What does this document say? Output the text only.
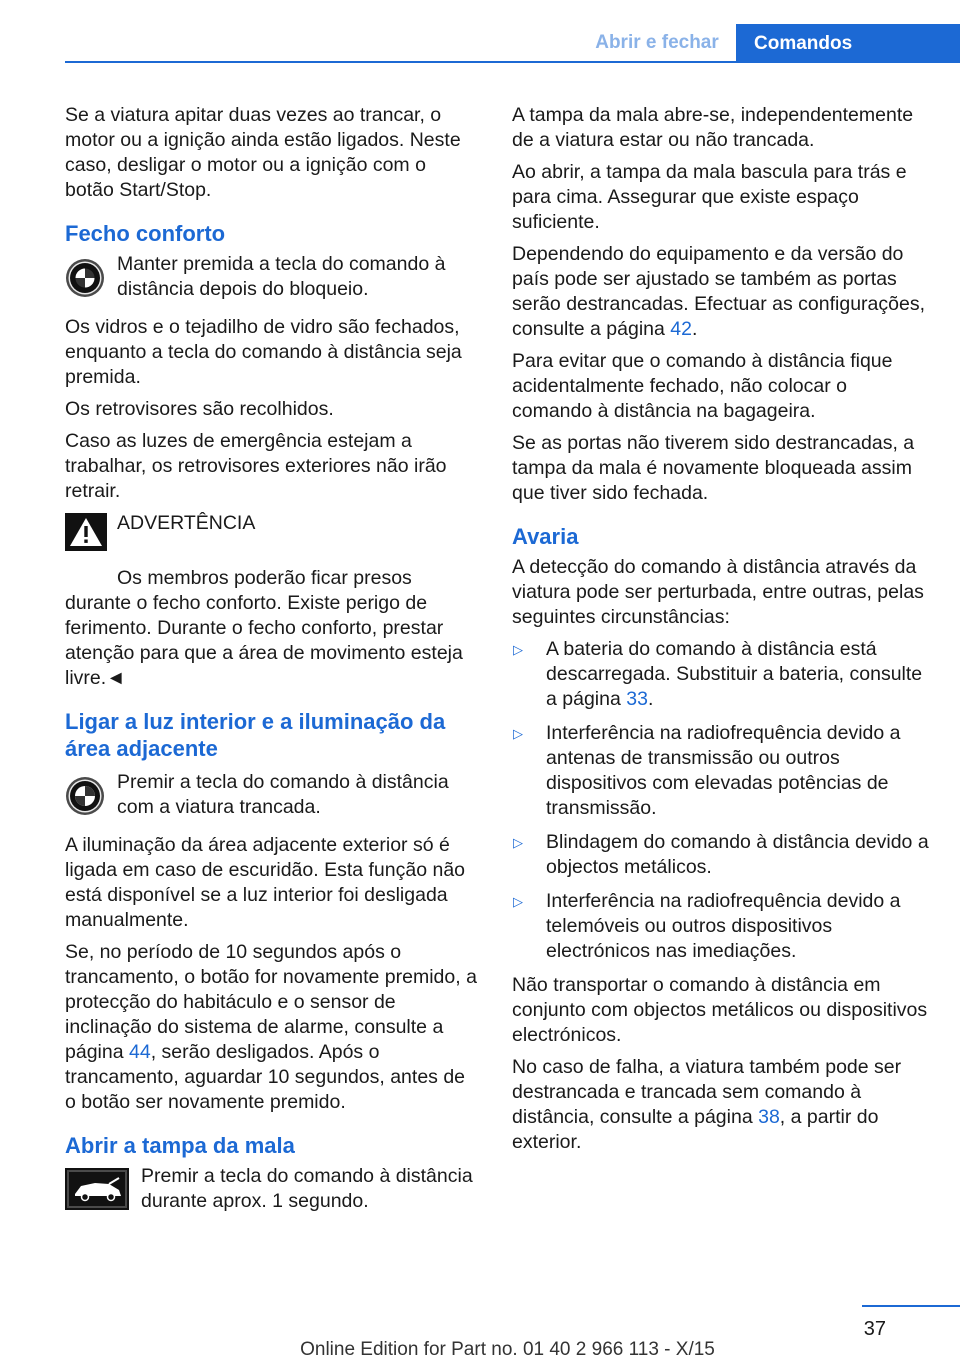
Abrir e fechar	Comandos

Se a viatura apitar duas vezes ao trancar, o motor ou a ignição ainda estão ligados. Neste caso, desligar o motor ou a ignição com o botão Start/Stop.

Fecho conforto
Manter premida a tecla do comando à distância depois do bloqueio.

Os vidros e o tejadilho de vidro são fechados, enquanto a tecla do comando à distância seja premida.

Os retrovisores são recolhidos.

Caso as luzes de emergência estejam a trabalhar, os retrovisores exteriores não irão retrair.

ADVERTÊNCIA

Os membros poderão ficar presos durante o fecho conforto. Existe perigo de ferimento. Durante o fecho conforto, prestar atenção para que a área de movimento esteja livre.◄

Ligar a luz interior e a iluminação da área adjacente
Premir a tecla do comando à distância com a viatura trancada.

A iluminação da área adjacente exterior só é ligada em caso de escuridão. Esta função não está disponível se a luz interior foi desligada manualmente.

Se, no período de 10 segundos após o trancamento, o botão for novamente premido, a protecção do habitáculo e o sensor de inclinação do sistema de alarme, consulte a página 44, serão desligados. Após o trancamento, aguardar 10 segundos, antes de o botão ser novamente premido.

Abrir a tampa da mala
Premir a tecla do comando à distância durante aprox. 1 segundo.

A tampa da mala abre-se, independentemente de a viatura estar ou não trancada.

Ao abrir, a tampa da mala bascula para trás e para cima. Assegurar que existe espaço suficiente.

Dependendo do equipamento e da versão do país pode ser ajustado se também as portas serão destrancadas. Efectuar as configurações, consulte a página 42.

Para evitar que o comando à distância fique acidentalmente fechado, não colocar o comando à distância na bagageira.

Se as portas não tiverem sido destrancadas, a tampa da mala é novamente bloqueada assim que tiver sido fechada.

Avaria

A detecção do comando à distância através da viatura pode ser perturbada, entre outras, pelas seguintes circunstâncias:

▷	A bateria do comando à distância está descarregada. Substituir a bateria, consulte a página 33.
▷	Interferência na radiofrequência devido a antenas de transmissão ou outros dispositivos com elevadas potências de transmissão.
▷	Blindagem do comando à distância devido a objectos metálicos.
▷	Interferência na radiofrequência devido a telemóveis ou outros dispositivos electrónicos nas imediações.

Não transportar o comando à distância em conjunto com objectos metálicos ou dispositivos electrónicos.

No caso de falha, a viatura também pode ser destrancada e trancada sem comando à distância, consulte a página 38, a partir do exterior.

37
Online Edition for Part no. 01 40 2 966 113 - X/15
